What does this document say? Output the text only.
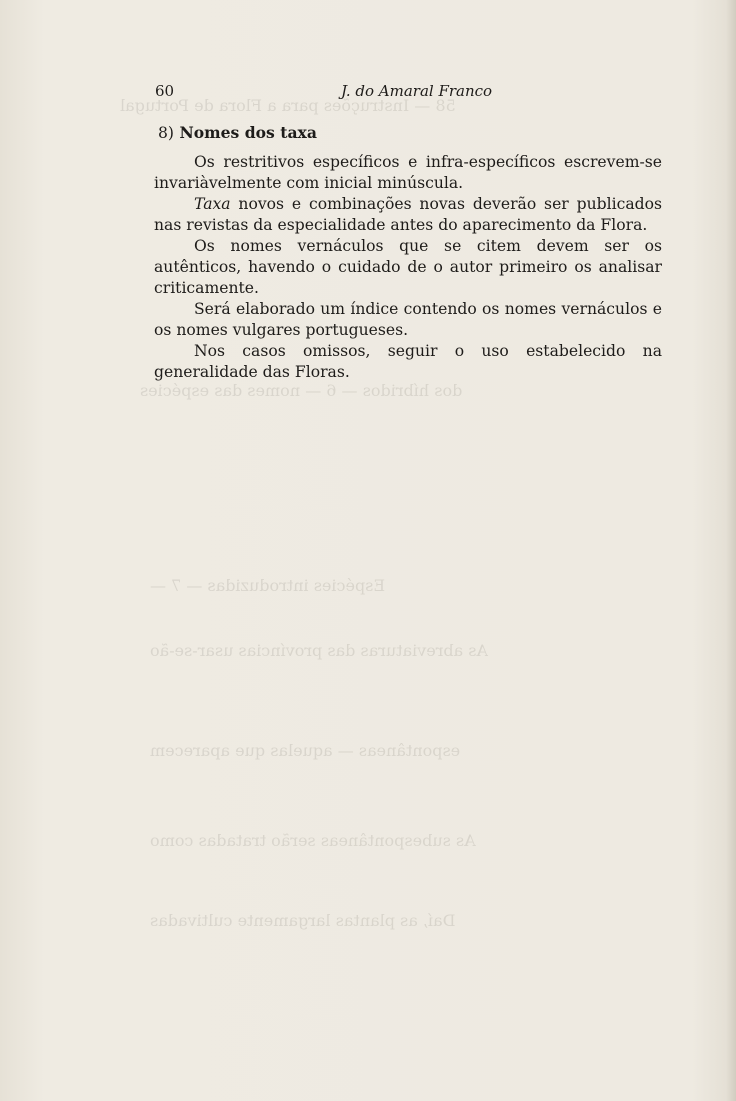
58 — Instruções para a Flora de Portugal
dos híbridos — 6 — nomes das espécies
Espécies introduzidas — 7 —
As abreviaturas das províncias usar-se-ão
espontâneas — aquelas que aparecem
As subespontâneas serão tratadas como
Daí, as plantas largamente cultivadas
60	J. do Amaral Franco

8) Nomes dos taxa

Os restritivos específicos e infra-específicos escrevem-se invariàvelmente com inicial minúscula.

Taxa novos e combinações novas deverão ser publicados nas revistas da especialidade antes do aparecimento da Flora.

Os nomes vernáculos que se citem devem ser os autênticos, havendo o cuidado de o autor primeiro os analisar criticamente.

Será elaborado um índice contendo os nomes vernáculos e os nomes vulgares portugueses.

Nos casos omissos, seguir o uso estabelecido na generalidade das Floras.
